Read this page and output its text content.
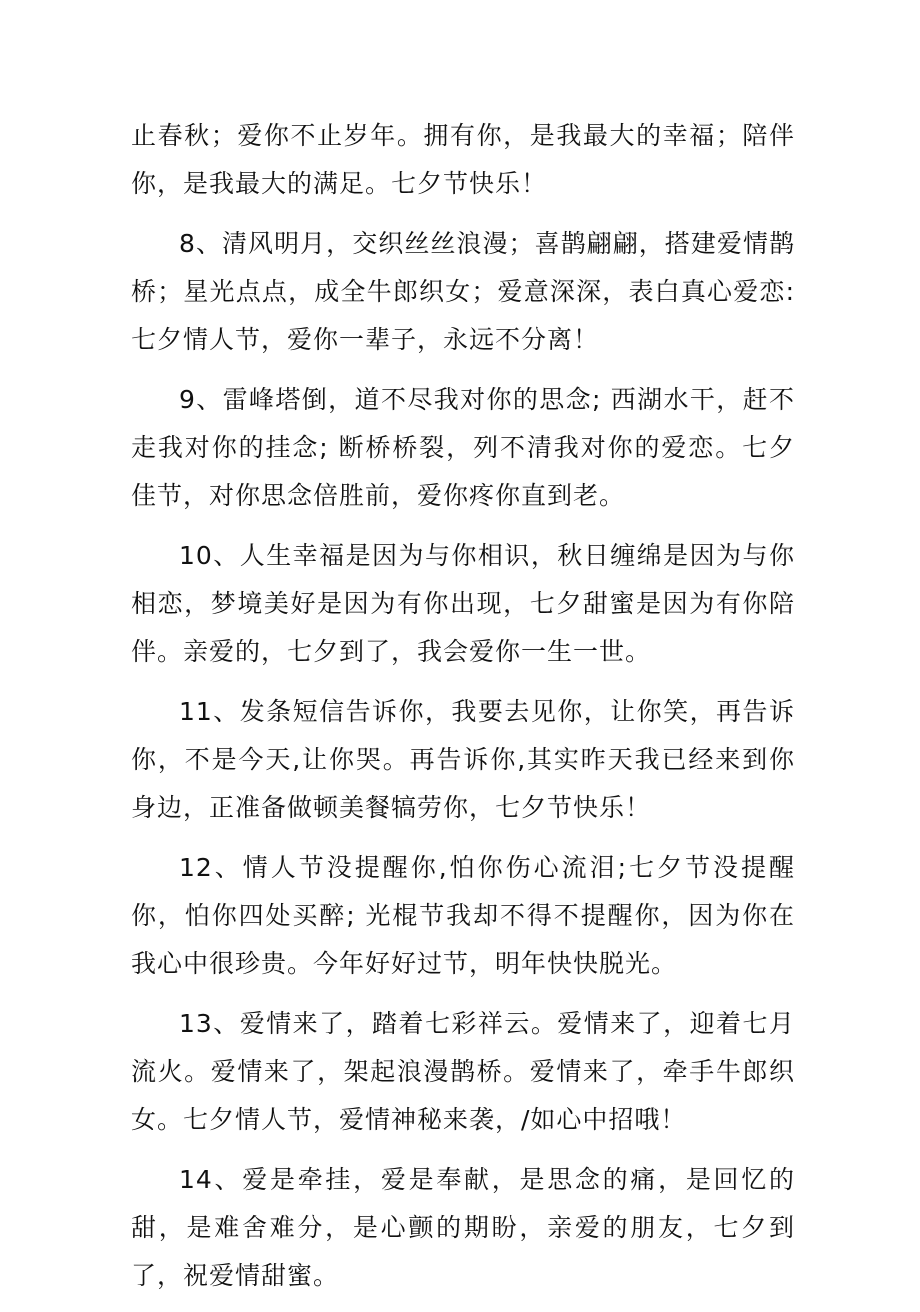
止春秋；爱你不止岁年。拥有你，是我最大的幸福；陪伴你，是我最大的满足。七夕节快乐！

8、清风明月，交织丝丝浪漫；喜鹊翩翩，搭建爱情鹊桥；星光点点，成全牛郎织女；爱意深深，表白真心爱恋:七夕情人节，爱你一辈子，永远不分离！

9、雷峰塔倒，道不尽我对你的思念; 西湖水干，赶不走我对你的挂念; 断桥桥裂，列不清我对你的爱恋。七夕佳节，对你思念倍胜前，爱你疼你直到老。

10、人生幸福是因为与你相识，秋日缠绵是因为与你相恋，梦境美好是因为有你出现，七夕甜蜜是因为有你陪伴。亲爱的，七夕到了，我会爱你一生一世。

11、发条短信告诉你，我要去见你，让你笑，再告诉你，不是今天,让你哭。再告诉你,其实昨天我已经来到你身边，正准备做顿美餐犒劳你，七夕节快乐！

12、情人节没提醒你,怕你伤心流泪;七夕节没提醒你，怕你四处买醉; 光棍节我却不得不提醒你，因为你在我心中很珍贵。今年好好过节，明年快快脱光。

13、爱情来了，踏着七彩祥云。爱情来了，迎着七月流火。爱情来了，架起浪漫鹊桥。爱情来了，牵手牛郎织女。七夕情人节，爱情神秘来袭，/如心中招哦！

14、爱是牵挂，爱是奉献，是思念的痛，是回忆的甜，是难舍难分，是心颤的期盼，亲爱的朋友，七夕到了，祝爱情甜蜜。
